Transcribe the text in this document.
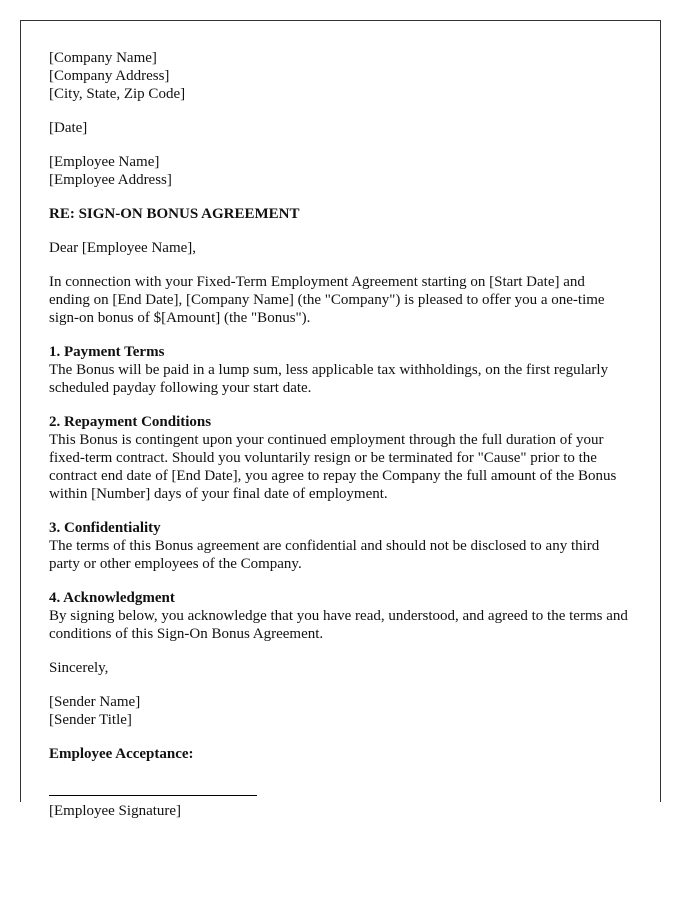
[Company Name]
[Company Address]
[City, State, Zip Code]

[Date]

[Employee Name]
[Employee Address]

RE: SIGN-ON BONUS AGREEMENT

Dear [Employee Name],

In connection with your Fixed-Term Employment Agreement starting on [Start Date] and ending on [End Date], [Company Name] (the "Company") is pleased to offer you a one-time sign-on bonus of $[Amount] (the "Bonus").

1. Payment Terms
The Bonus will be paid in a lump sum, less applicable tax withholdings, on the first regularly scheduled payday following your start date.

2. Repayment Conditions
This Bonus is contingent upon your continued employment through the full duration of your fixed-term contract. Should you voluntarily resign or be terminated for "Cause" prior to the contract end date of [End Date], you agree to repay the Company the full amount of the Bonus within [Number] days of your final date of employment.

3. Confidentiality
The terms of this Bonus agreement are confidential and should not be disclosed to any third party or other employees of the Company.

4. Acknowledgment
By signing below, you acknowledge that you have read, understood, and agreed to the terms and conditions of this Sign-On Bonus Agreement.

Sincerely,

[Sender Name]
[Sender Title]

Employee Acceptance:

[Employee Signature]
